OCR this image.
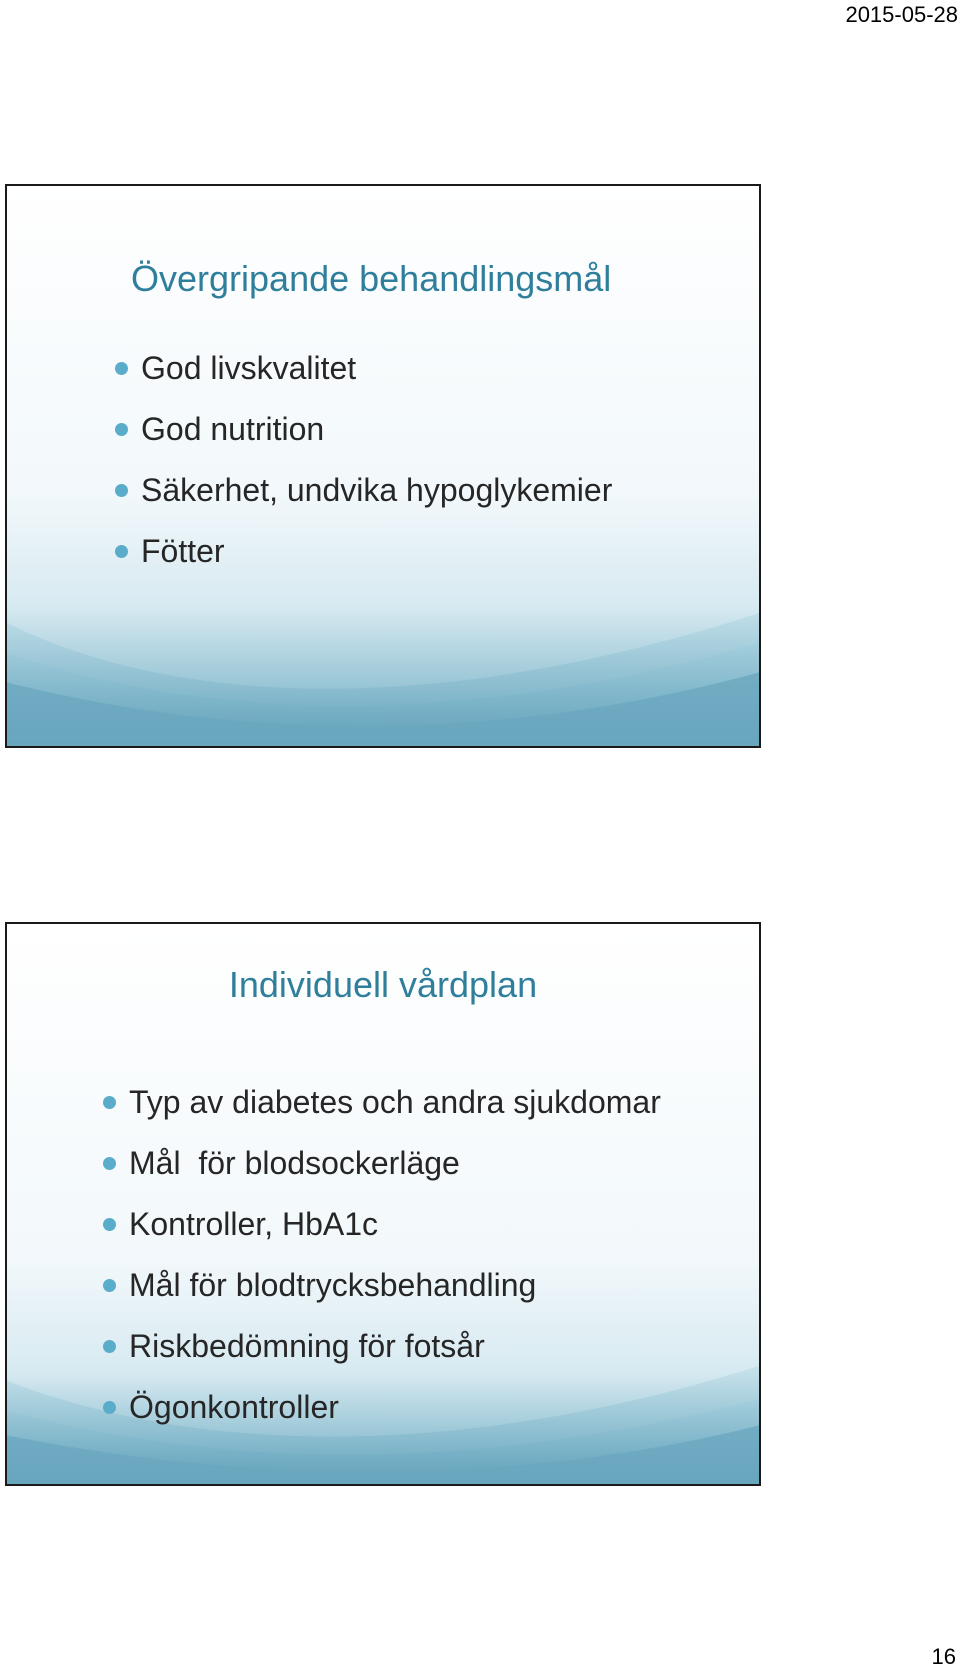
2015-05-28
Övergripande behandlingsmål
God livskvalitet
God nutrition
Säkerhet, undvika hypoglykemier
Fötter
Individuell vårdplan
Typ av diabetes och andra sjukdomar
Mål  för blodsockerläge
Kontroller, HbA1c
Mål för blodtrycksbehandling
Riskbedömning för fotsår
Ögonkontroller
16
